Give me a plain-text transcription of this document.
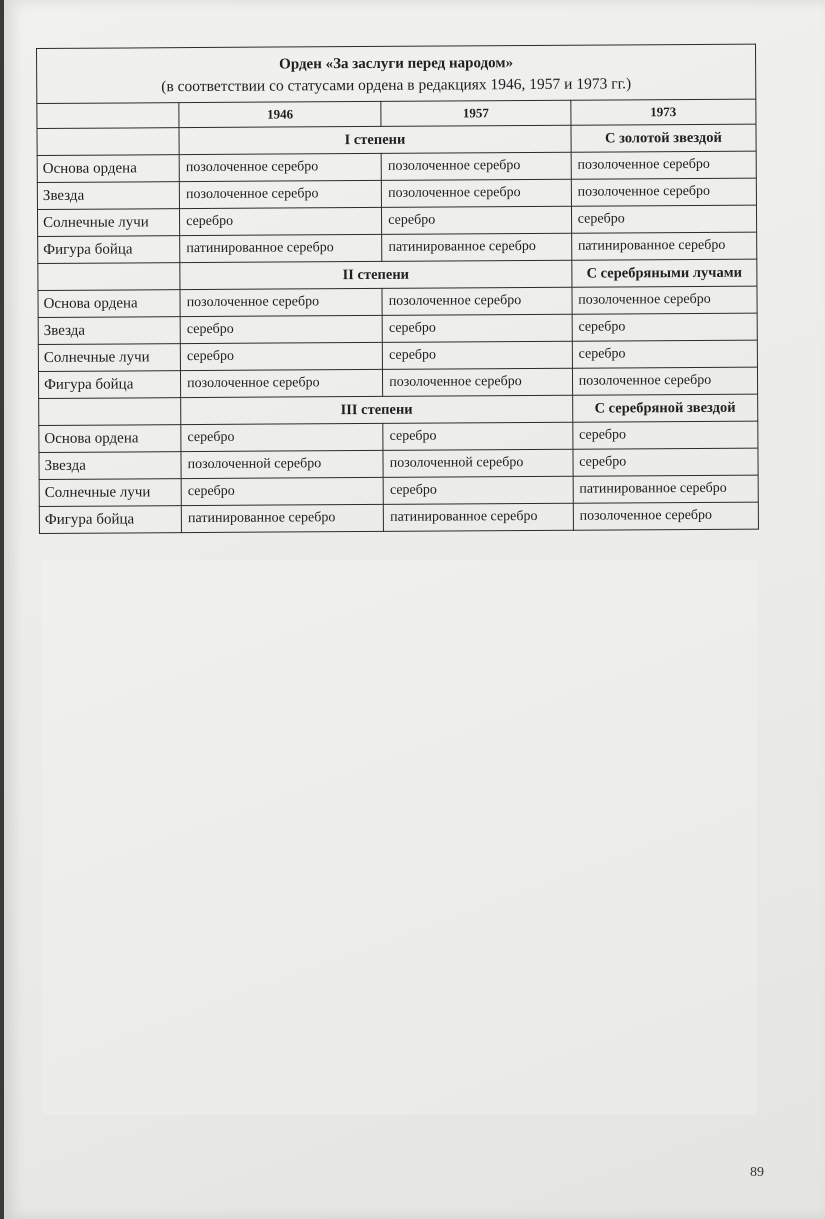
Орден «За заслуги перед народом»
(в соответствии со статусами ордена в редакциях 1946, 1957 и 1973 гг.)			

	1946	1957	1973
	I степени		С золотой звездой
Основа ордена	позолоченное серебро	позолоченное серебро	позолоченное серебро
Звезда	позолоченное серебро	позолоченное серебро	позолоченное серебро
Солнечные лучи	серебро	серебро	серебро
Фигура бойца	патинированное серебро	патинированное серебро	патинированное серебро
	II степени		С серебряными лучами
Основа ордена	позолоченное серебро	позолоченное серебро	позолоченное серебро
Звезда	серебро	серебро	серебро
Солнечные лучи	серебро	серебро	серебро
Фигура бойца	позолоченное серебро	позолоченное серебро	позолоченное серебро
	III степени		С серебряной звездой
Основа ордена	серебро	серебро	серебро
Звезда	позолоченной серебро	позолоченной серебро	серебро
Солнечные лучи	серебро	серебро	патинированное серебро
Фигура бойца	патинированное серебро	патинированное серебро	позолоченное серебро
89
